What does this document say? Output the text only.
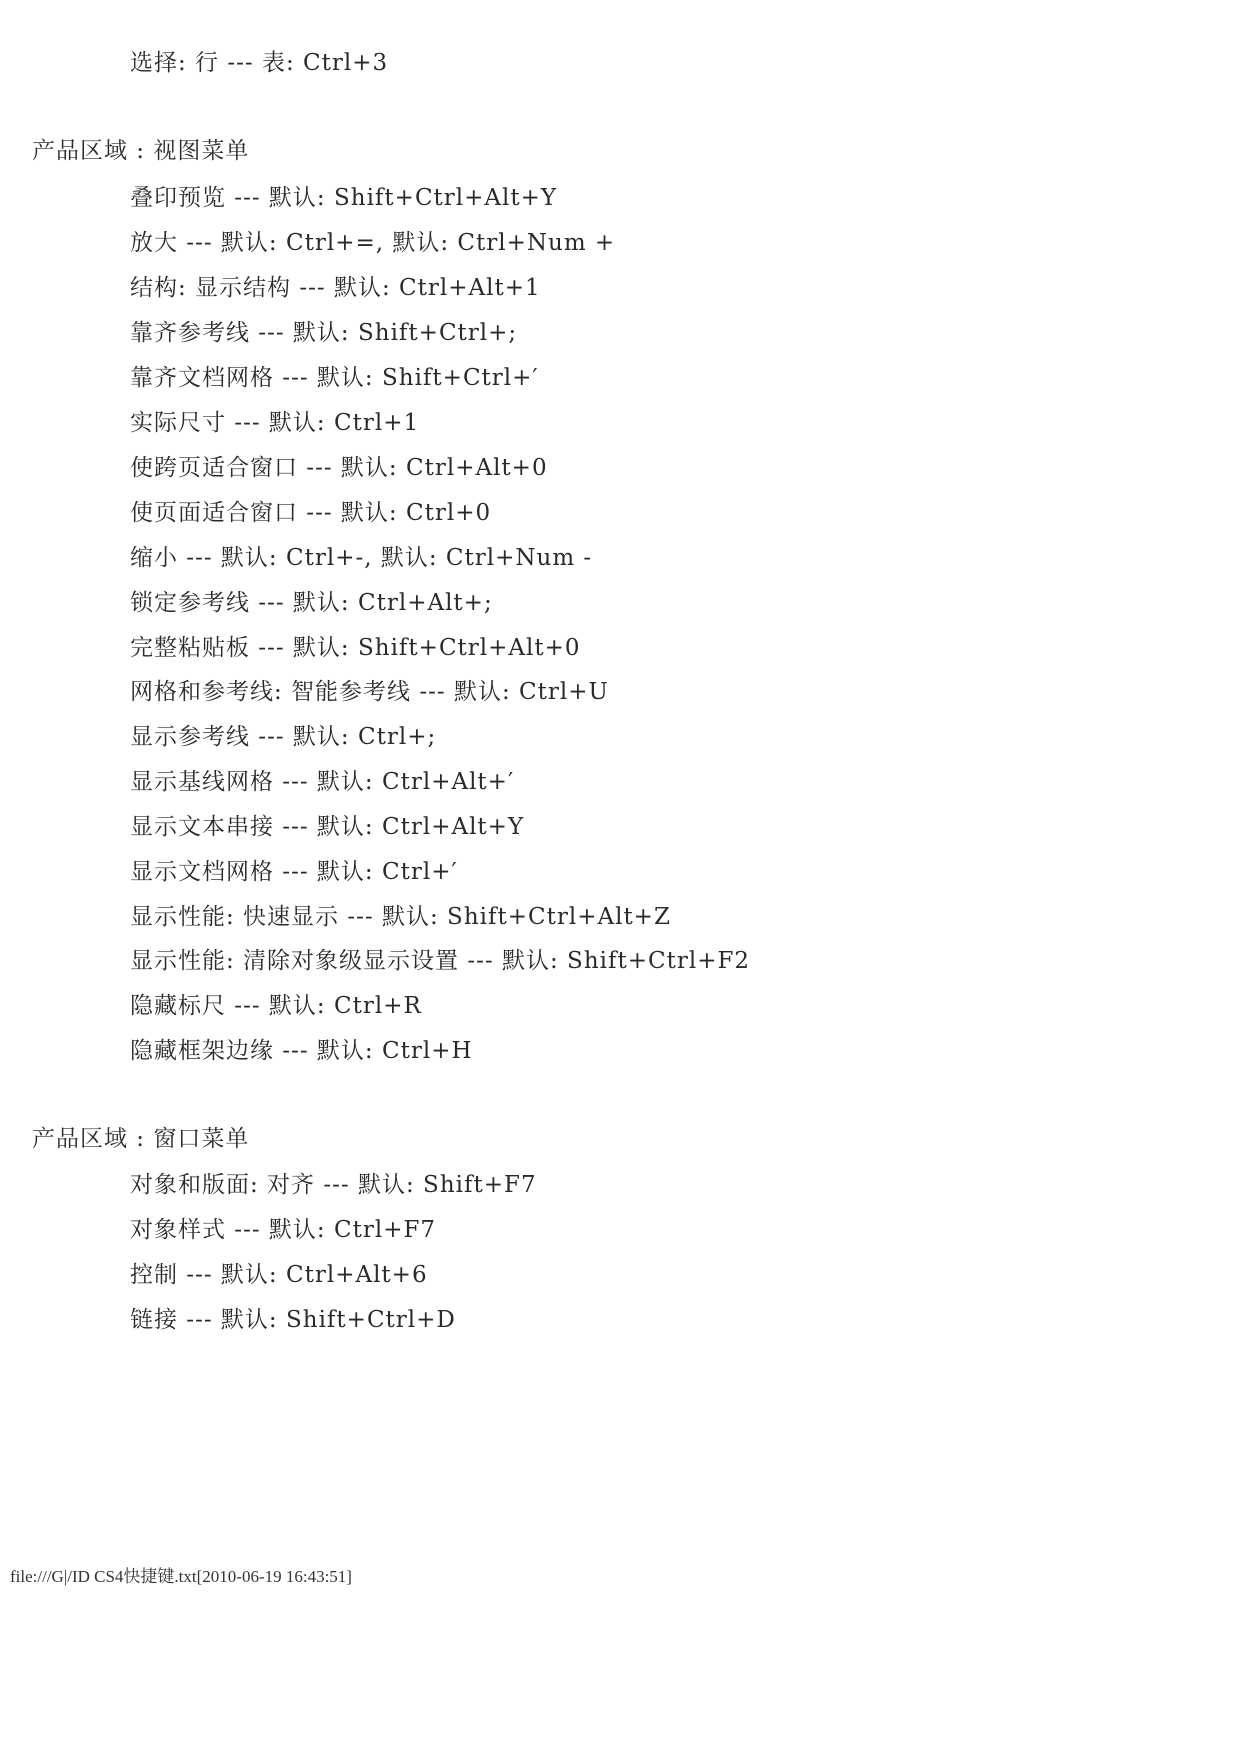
选择: 行 --- 表: Ctrl+3
产品区域 : 视图菜单
叠印预览 --- 默认: Shift+Ctrl+Alt+Y
放大 --- 默认: Ctrl+=, 默认: Ctrl+Num +
结构: 显示结构 --- 默认: Ctrl+Alt+1
靠齐参考线 --- 默认: Shift+Ctrl+;
靠齐文档网格 --- 默认: Shift+Ctrl+′
实际尺寸 --- 默认: Ctrl+1
使跨页适合窗口 --- 默认: Ctrl+Alt+0
使页面适合窗口 --- 默认: Ctrl+0
缩小 --- 默认: Ctrl+-, 默认: Ctrl+Num -
锁定参考线 --- 默认: Ctrl+Alt+;
完整粘贴板 --- 默认: Shift+Ctrl+Alt+0
网格和参考线: 智能参考线 --- 默认: Ctrl+U
显示参考线 --- 默认: Ctrl+;
显示基线网格 --- 默认: Ctrl+Alt+′
显示文本串接 --- 默认: Ctrl+Alt+Y
显示文档网格 --- 默认: Ctrl+′
显示性能: 快速显示 --- 默认: Shift+Ctrl+Alt+Z
显示性能: 清除对象级显示设置 --- 默认: Shift+Ctrl+F2
隐藏标尺 --- 默认: Ctrl+R
隐藏框架边缘 --- 默认: Ctrl+H
产品区域 : 窗口菜单
对象和版面: 对齐 --- 默认: Shift+F7
对象样式 --- 默认: Ctrl+F7
控制 --- 默认: Ctrl+Alt+6
链接 --- 默认: Shift+Ctrl+D
file:///G|/ID CS4快捷键.txt[2010-06-19 16:43:51]
